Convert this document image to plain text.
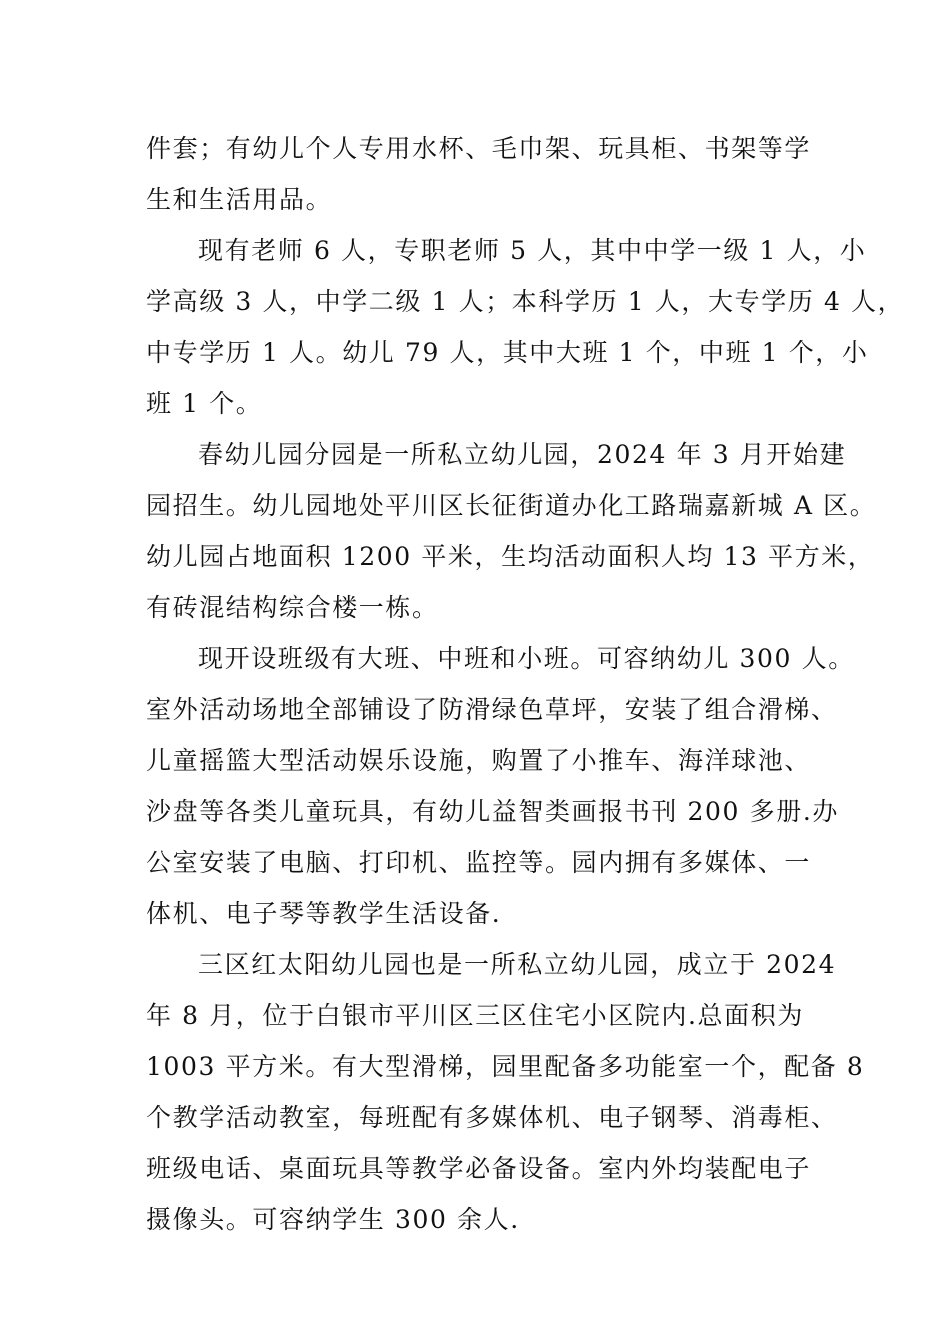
件套；有幼儿个人专用水杯、毛巾架、玩具柜、书架等学
生和生活用品。
现有老师 6 人，专职老师 5 人，其中中学一级 1 人，小
学高级 3 人，中学二级 1 人；本科学历 1 人，大专学历 4 人，
中专学历 1 人。幼儿 79 人，其中大班 1 个，中班 1 个，小
班 1 个。
春幼儿园分园是一所私立幼儿园，2024 年 3 月开始建
园招生。幼儿园地处平川区长征街道办化工路瑞嘉新城 A 区。
幼儿园占地面积 1200 平米，生均活动面积人均 13 平方米，
有砖混结构综合楼一栋。
现开设班级有大班、中班和小班。可容纳幼儿 300 人。
室外活动场地全部铺设了防滑绿色草坪，安装了组合滑梯、
儿童摇篮大型活动娱乐设施，购置了小推车、海洋球池、
沙盘等各类儿童玩具，有幼儿益智类画报书刊 200 多册.办
公室安装了电脑、打印机、监控等。园内拥有多媒体、一
体机、电子琴等教学生活设备.
三区红太阳幼儿园也是一所私立幼儿园，成立于 2024
年 8 月，位于白银市平川区三区住宅小区院内.总面积为
1003 平方米。有大型滑梯，园里配备多功能室一个，配备 8
个教学活动教室，每班配有多媒体机、电子钢琴、消毒柜、
班级电话、桌面玩具等教学必备设备。室内外均装配电子
摄像头。可容纳学生 300 余人.
